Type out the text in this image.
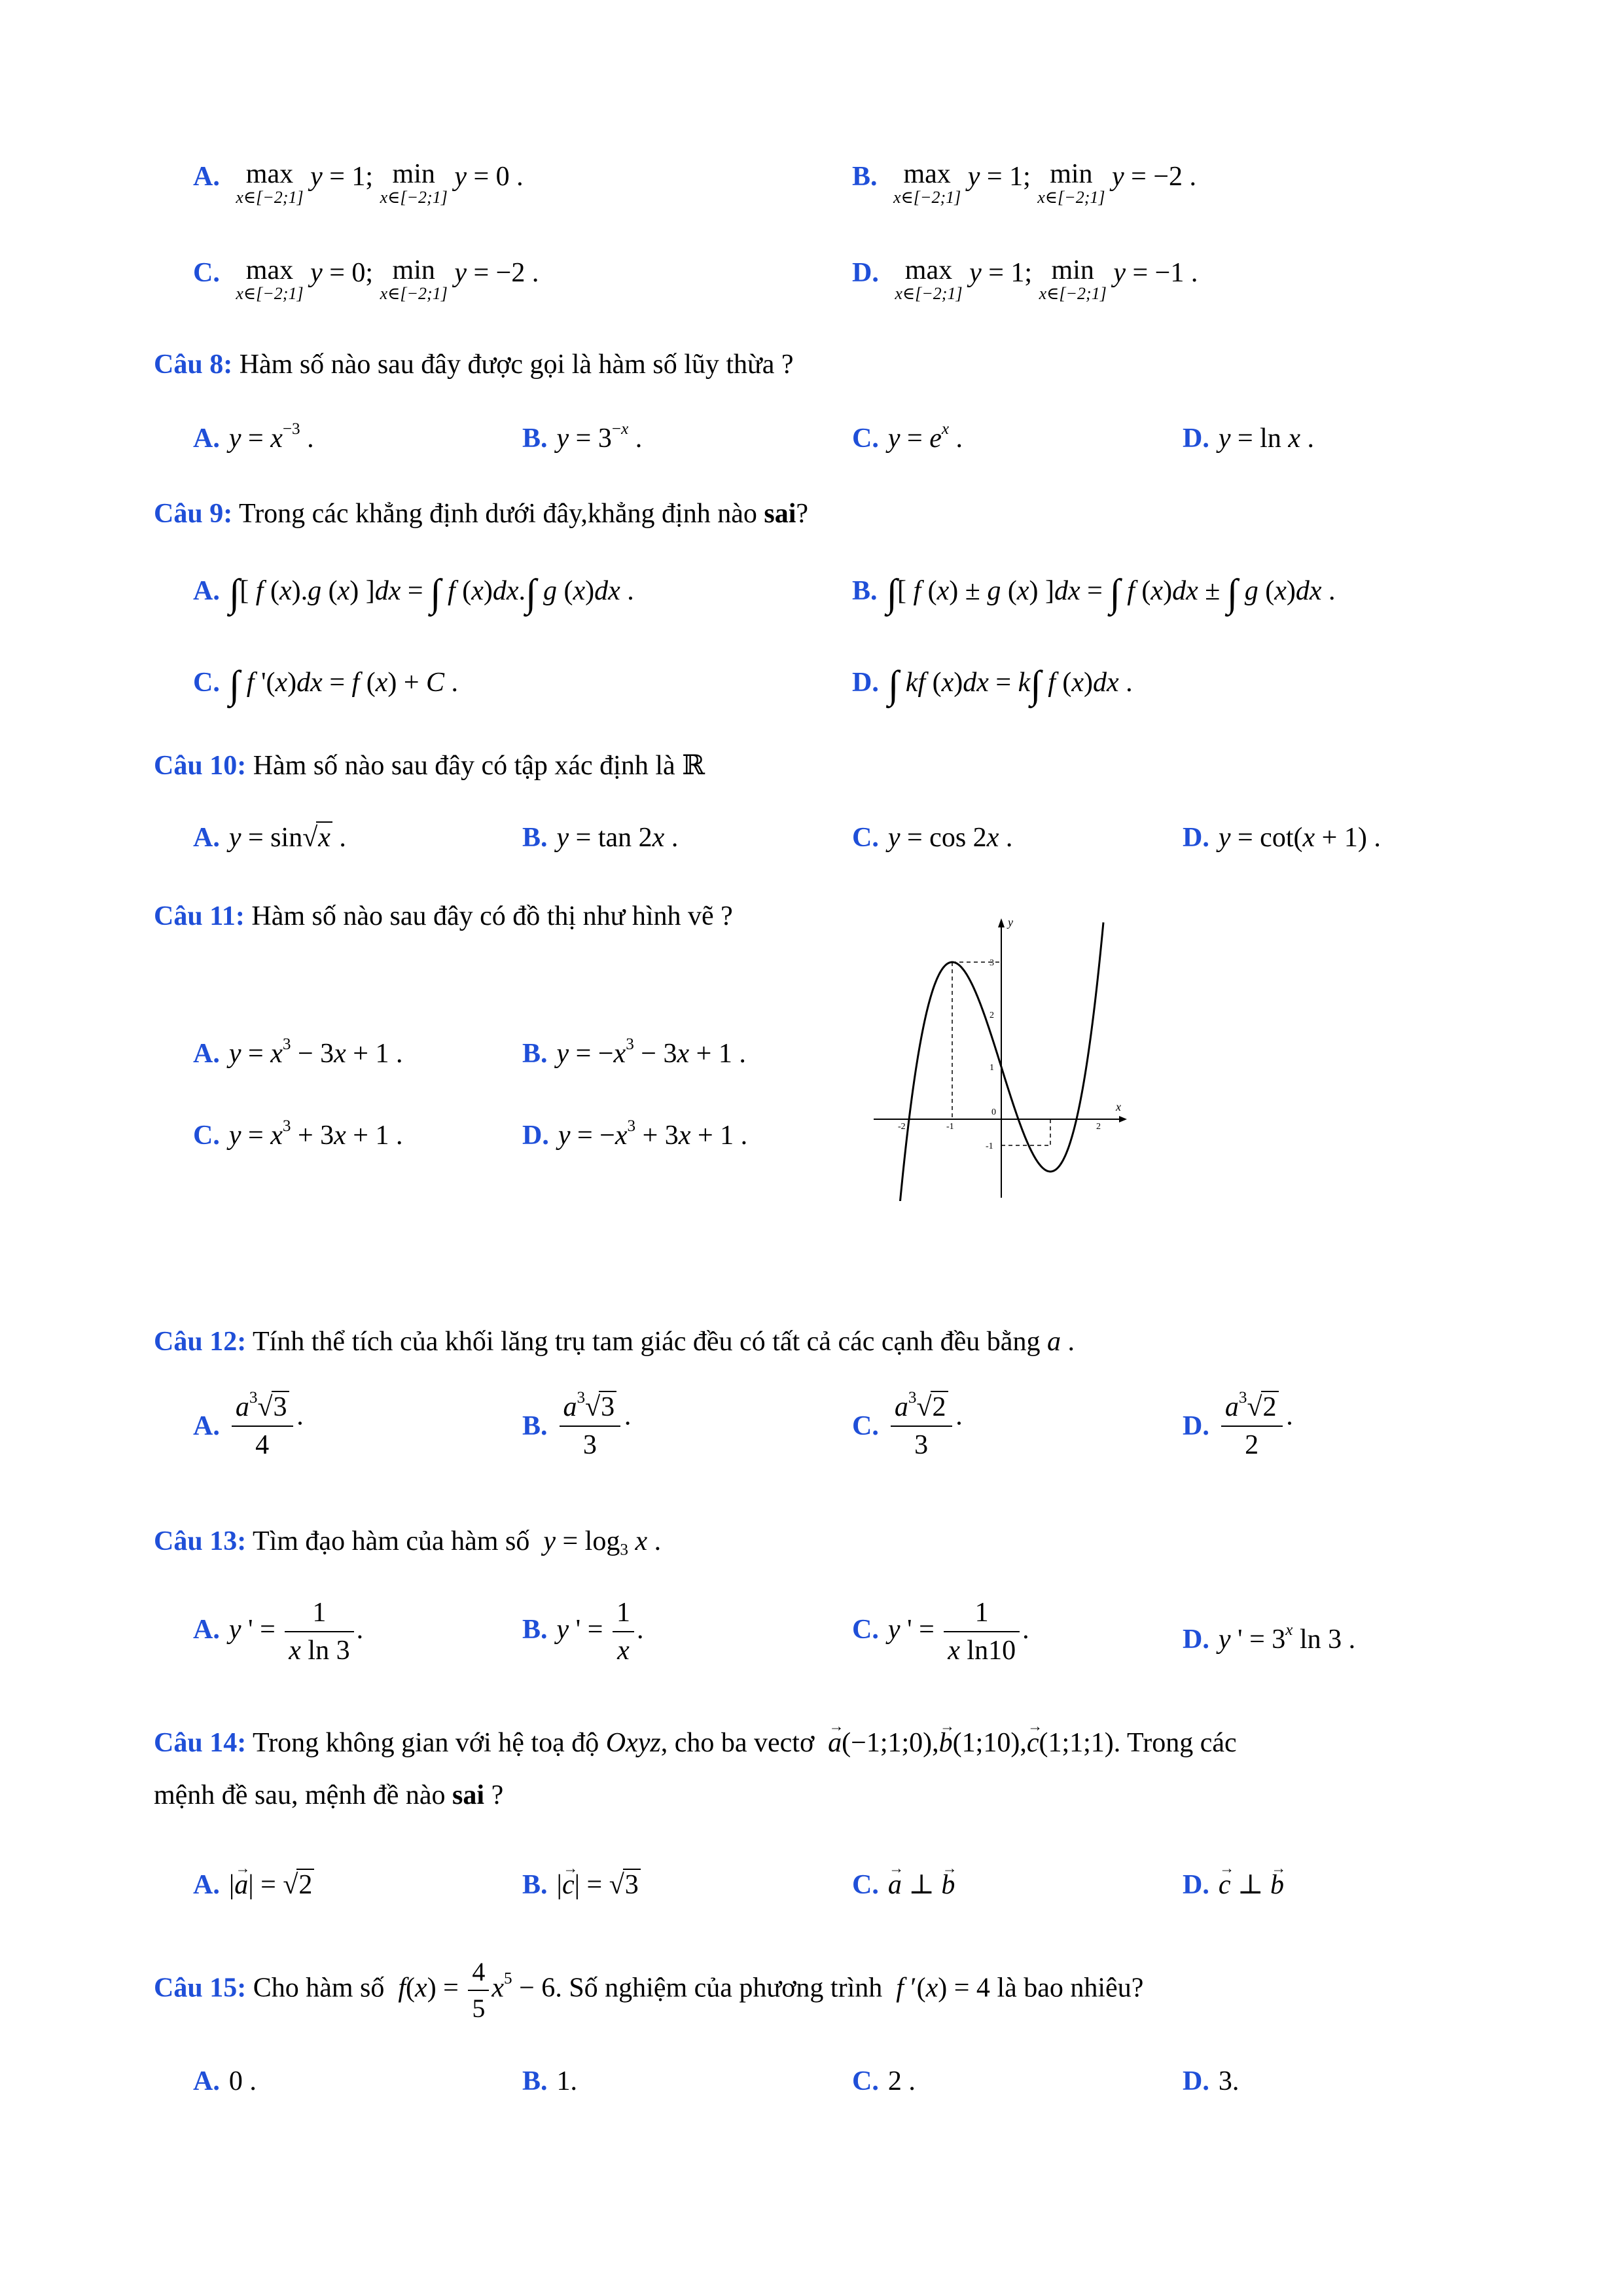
A. max
x∈[−2;1]
y = 1; min
x∈[−2;1]
y = 0 .	B. max
x∈[−2;1]
y = 1; min
x∈[−2;1]
y = −2 .
C. max
x∈[−2;1]
y = 0; min
x∈[−2;1]
y = −2 .	D. max
x∈[−2;1]
y = 1; min
x∈[−2;1]
y = −1 .
Câu 8: Hàm số nào sau đây được gọi là hàm số lũy thừa ?
A. $y = x^{-3}$ .	B. $y = 3^{-x}$ .	C. $y = e^x$ .	D. y = ln x .
Câu 9: Trong các khẳng định dưới đây,khẳng định nào sai?
A. ∫[ f (x).g (x) ]dx = ∫ f (x)dx.∫ g (x)dx .	B. ∫[ f (x) ± g (x) ]dx = ∫ f (x)dx ± ∫ g (x)dx .
C. ∫ f '(x)dx = f (x) + C .	D. ∫ kf (x)dx = k∫ f (x)dx .
Câu 10: Hàm số nào sau đây có tập xác định là ℝ
A. y = sin√x .	B. y = tan 2x .	C. y = cos 2x .	D. y = cot(x + 1) .
Câu 11: Hàm số nào sau đây có đồ thị như hình vẽ ?
A. $y = x^3 - 3x + 1$ .	B. $y = -x^3 - 3x + 1$ .
C. $y = x^3 + 3x + 1$ .	D. $y = -x^3 + 3x + 1$ .
x
y
-2	-1
0
2
3
2
1
-1
Câu 12: Tính thể tích của khối lăng trụ tam giác đều có tất cả các cạnh đều bằng a .
A. $\frac{a^3√3}{4}$ ·	B. $\frac{a^3√3}{3}$ ·	C. $\frac{a^3√2}{3}$ ·	D. $\frac{a^3√2}{2}$ ·
Câu 13: Tìm đạo hàm của hàm số $y = \log_3 x$ .
A. y ' = $\frac{1}{\text{x ln 3}}$ .	B. y ' = $\frac{1}{x}$ .	C. y ' = $\frac{1}{\text{x ln10}}$ .	D. y ' = $3^x$ ln 3 .
Câu 14: Trong không gian với hệ toạ độ Oxyz, cho ba vectơ → a(−1;1;0),→ b(1;10),→ c(1;1;1). Trong các
mệnh đề sau, mệnh đề nào sai ?
A. |→ a| = √2	B. |→ c| = √3	C. → a ⊥ → b	D. → c ⊥ → b
Câu 15: Cho hàm số $f(x) = \frac{4}{5} x^5 - 6$. Số nghiệm của phương trình f ′(x) = 4 là bao nhiêu?
A. 0 .	B. 1.	C. 2 .	D. 3.
